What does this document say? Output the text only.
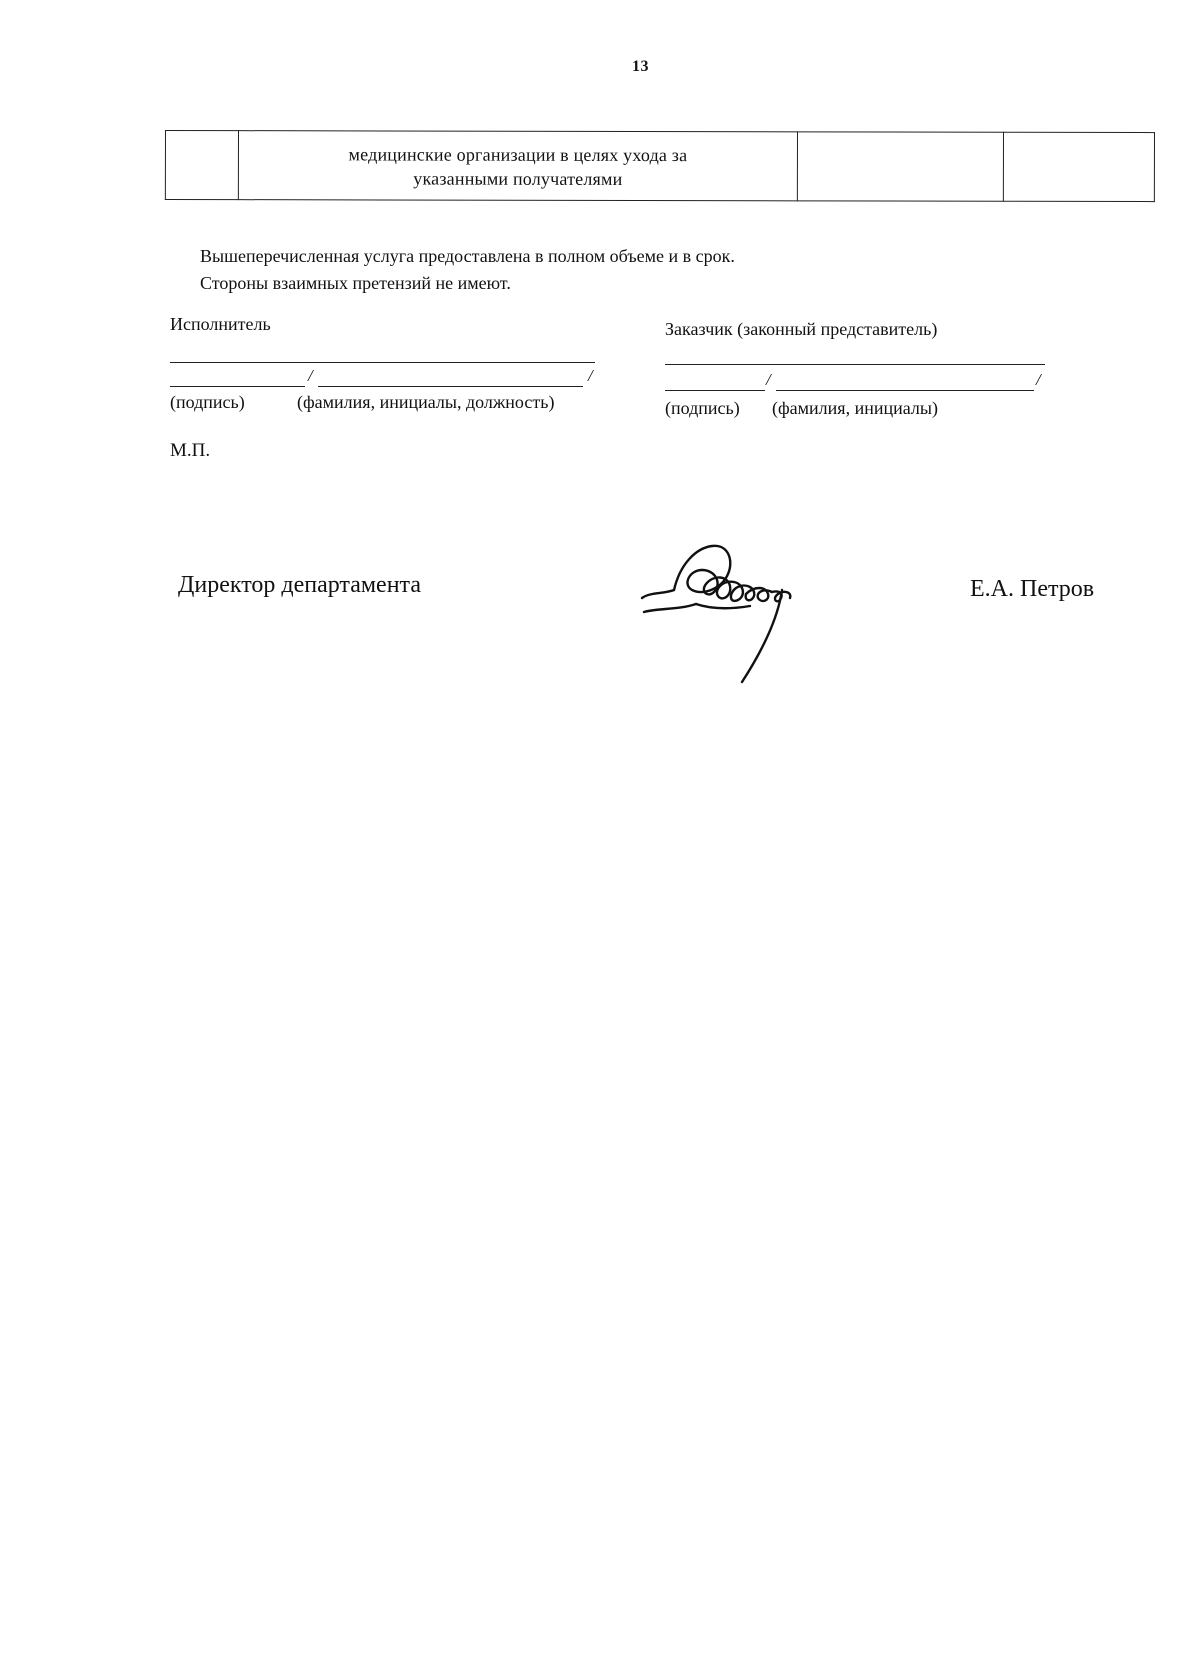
13

медицинские организации в целях ухода за
указанными получателями

Вышеперечисленная услуга предоставлена в полном объеме и в срок.
Стороны взаимных претензий не имеют.
Исполнитель
/	/
(подпись)	(фамилия, инициалы, должность)
Заказчик (законный представитель)
/	/
(подпись) (фамилия, инициалы)
М.П.
Директор департамента	Е.А. Петров
